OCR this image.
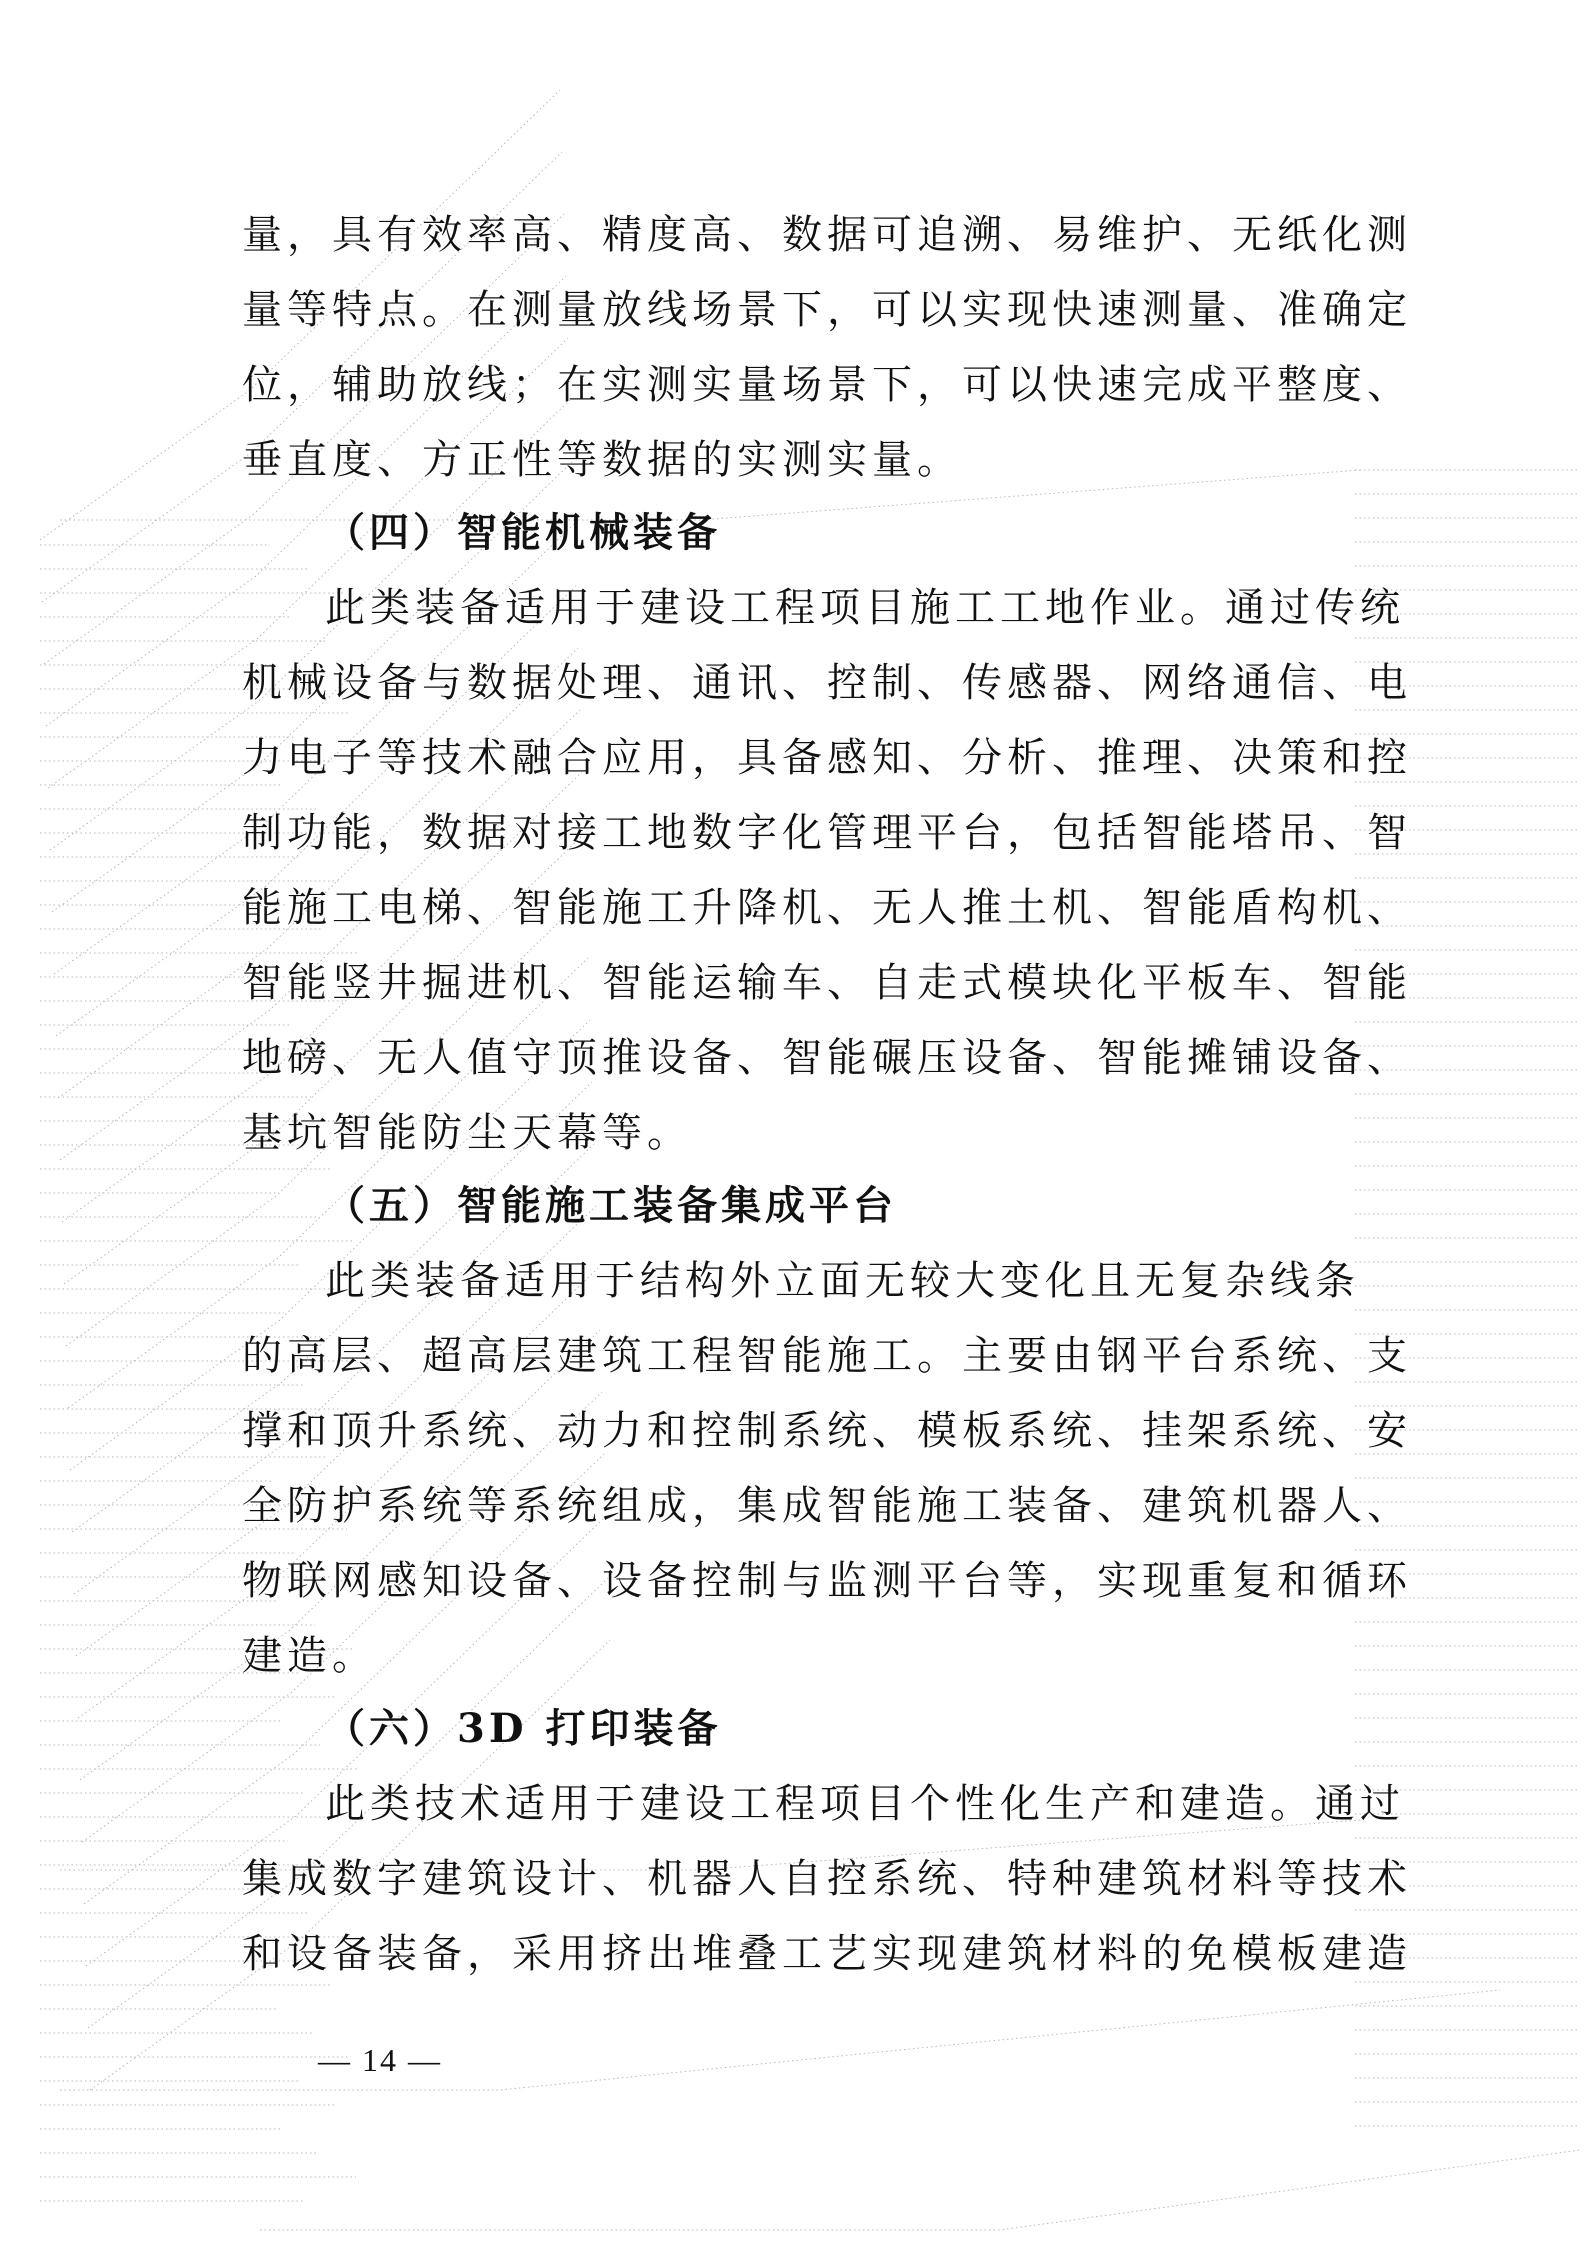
量，具有效率高、精度高、数据可追溯、易维护、无纸化测
量等特点。在测量放线场景下，可以实现快速测量、准确定
位，辅助放线；在实测实量场景下，可以快速完成平整度、
垂直度、方正性等数据的实测实量。
（四）智能机械装备
此类装备适用于建设工程项目施工工地作业。通过传统
机械设备与数据处理、通讯、控制、传感器、网络通信、电
力电子等技术融合应用，具备感知、分析、推理、决策和控
制功能，数据对接工地数字化管理平台，包括智能塔吊、智
能施工电梯、智能施工升降机、无人推土机、智能盾构机、
智能竖井掘进机、智能运输车、自走式模块化平板车、智能
地磅、无人值守顶推设备、智能碾压设备、智能摊铺设备、
基坑智能防尘天幕等。
（五）智能施工装备集成平台
此类装备适用于结构外立面无较大变化且无复杂线条
的高层、超高层建筑工程智能施工。主要由钢平台系统、支
撑和顶升系统、动力和控制系统、模板系统、挂架系统、安
全防护系统等系统组成，集成智能施工装备、建筑机器人、
物联网感知设备、设备控制与监测平台等，实现重复和循环
建造。
（六）3D 打印装备
此类技术适用于建设工程项目个性化生产和建造。通过
集成数字建筑设计、机器人自控系统、特种建筑材料等技术
和设备装备，采用挤出堆叠工艺实现建筑材料的免模板建造
— 14 —
